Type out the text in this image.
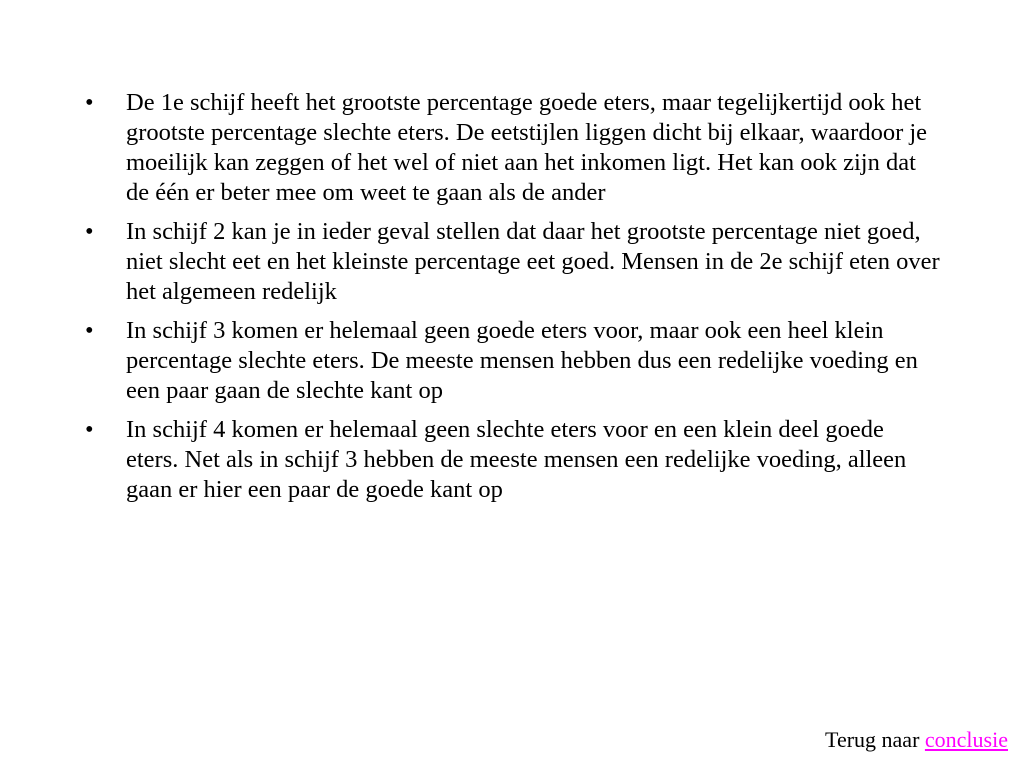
• De 1e schijf heeft het grootste percentage goede eters, maar tegelijkertijd ook het grootste percentage slechte eters. De eetstijlen liggen dicht bij elkaar, waardoor je moeilijk kan zeggen of het wel of niet aan het inkomen ligt. Het kan ook zijn dat de één er beter mee om weet te gaan als de ander
• In schijf 2 kan je in ieder geval stellen dat daar het grootste percentage niet goed, niet slecht eet en het kleinste percentage eet goed. Mensen in de 2e schijf eten over het algemeen redelijk
• In schijf 3 komen er helemaal geen goede eters voor, maar ook een heel klein percentage slechte eters. De meeste mensen hebben dus een redelijke voeding en een paar gaan de slechte kant op
• In schijf 4 komen er helemaal geen slechte eters voor en een klein deel goede eters. Net als in schijf 3 hebben de meeste mensen een redelijke voeding, alleen gaan er hier een paar de goede kant op
Terug naar conclusie
